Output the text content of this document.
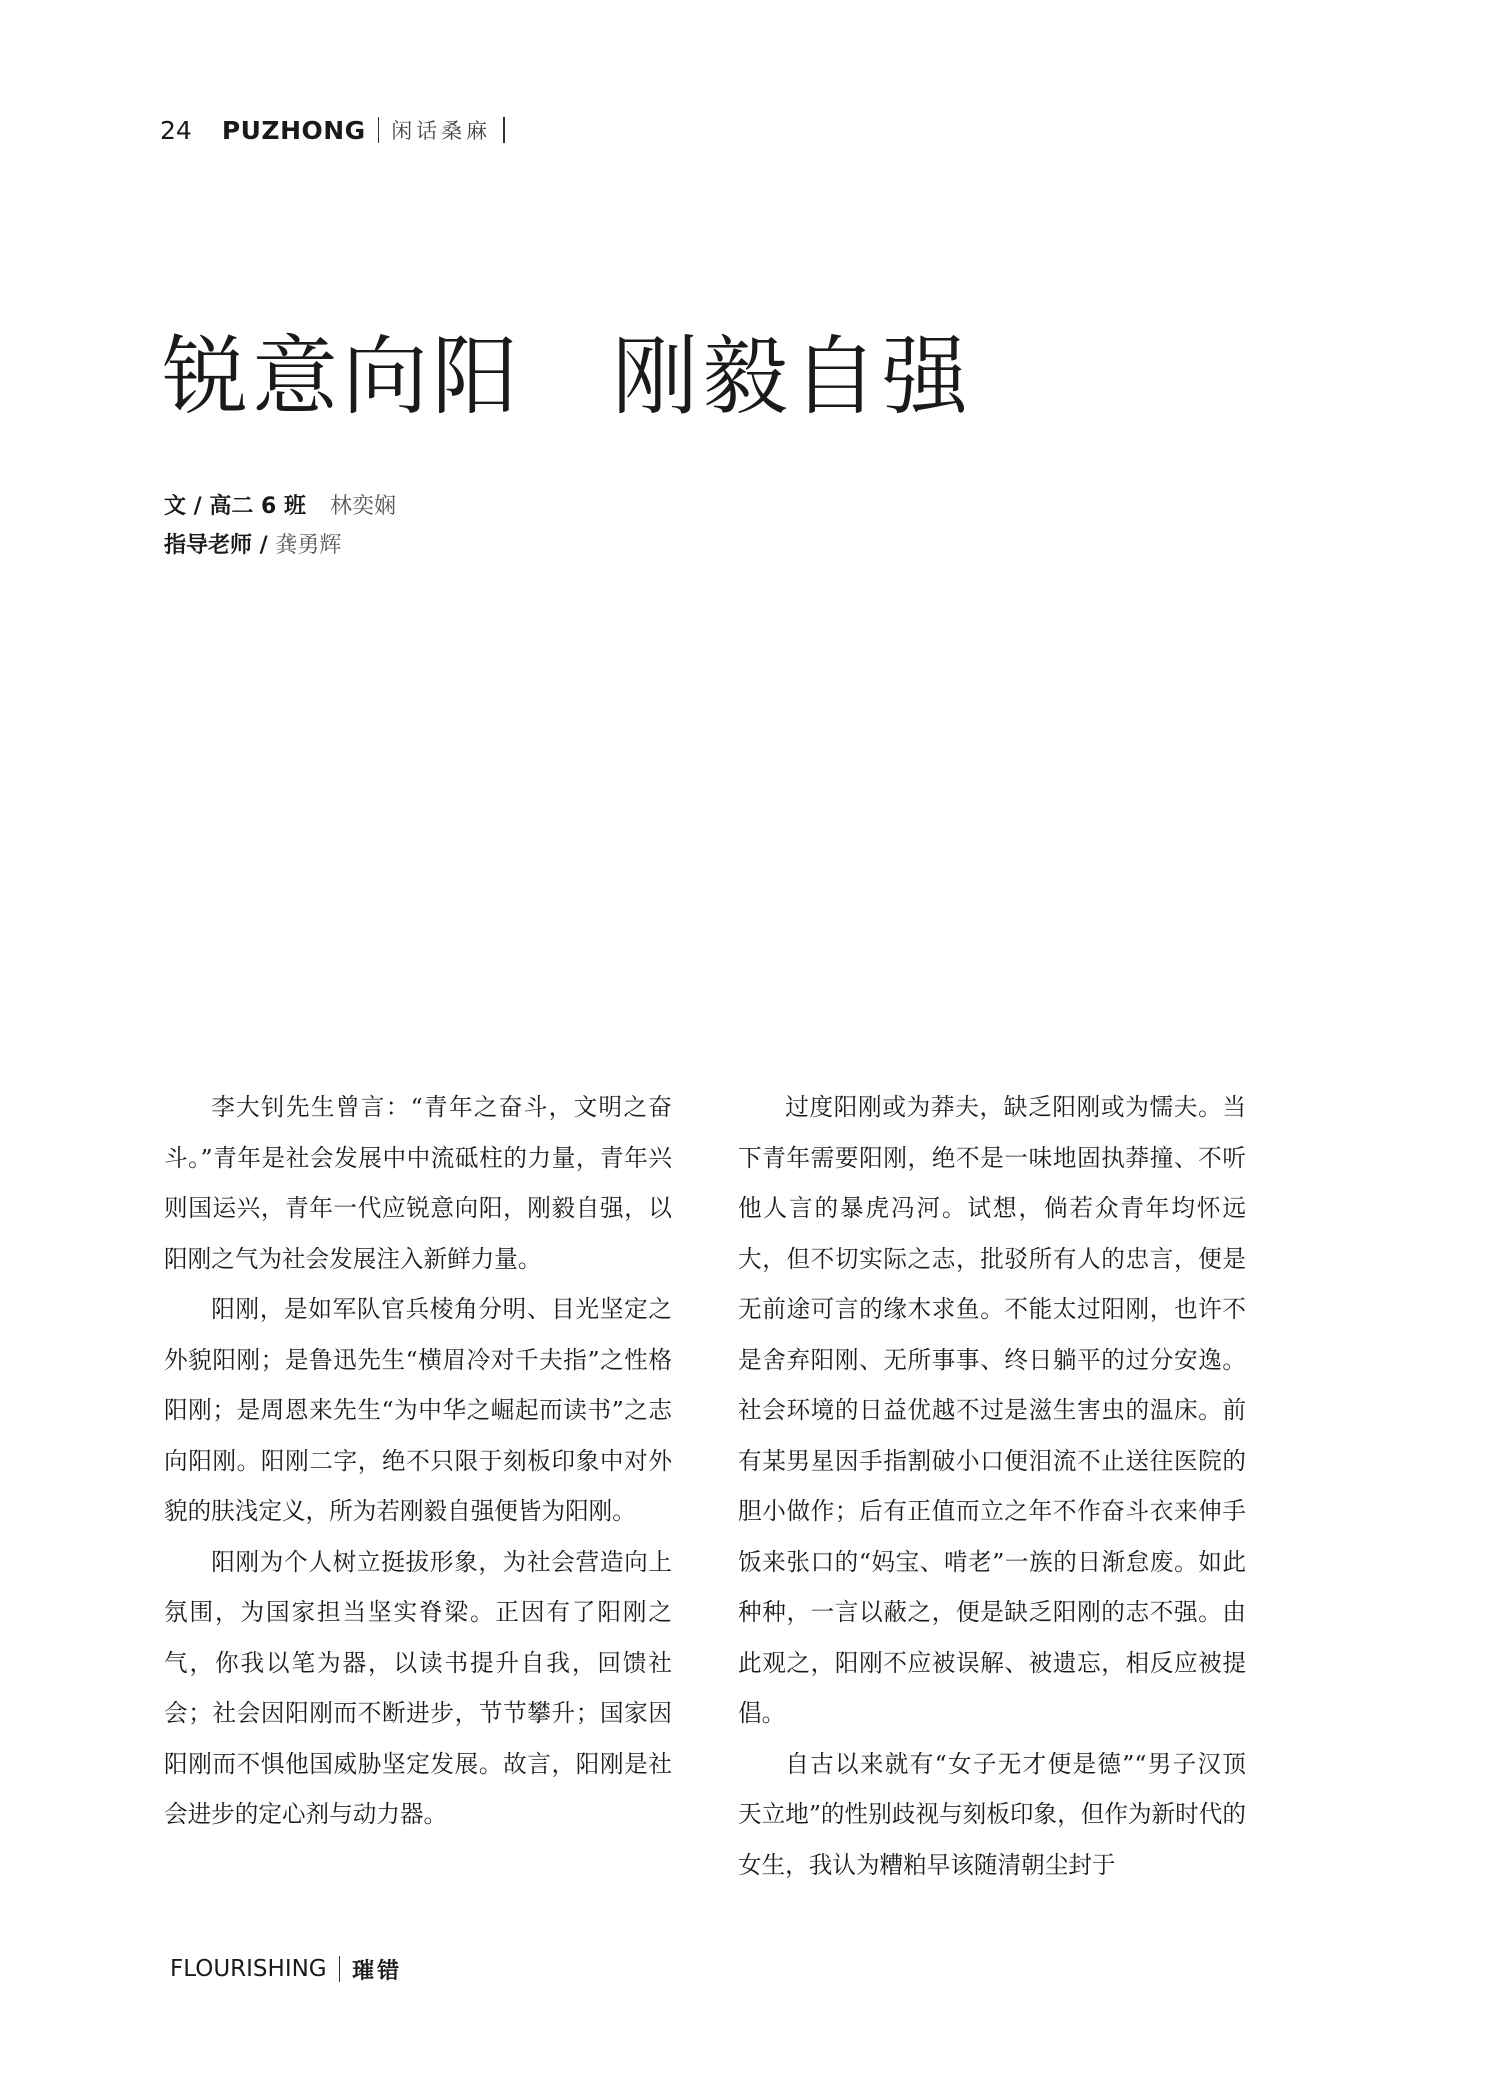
24 PUZHONG 闲话桑麻
锐意向阳　刚毅自强
文 / 高二 6 班 林奕娴
指导老师 / 龚勇辉

李大钊先生曾言：“青年之奋斗，文明之奋斗。”青年是社会发展中中流砥柱的力量，青年兴则国运兴，青年一代应锐意向阳，刚毅自强，以阳刚之气为社会发展注入新鲜力量。

阳刚，是如军队官兵棱角分明、目光坚定之外貌阳刚；是鲁迅先生“横眉冷对千夫指”之性格阳刚；是周恩来先生“为中华之崛起而读书”之志向阳刚。阳刚二字，绝不只限于刻板印象中对外貌的肤浅定义，所为若刚毅自强便皆为阳刚。

阳刚为个人树立挺拔形象，为社会营造向上氛围，为国家担当坚实脊梁。正因有了阳刚之气，你我以笔为器，以读书提升自我，回馈社会；社会因阳刚而不断进步，节节攀升；国家因阳刚而不惧他国威胁坚定发展。故言，阳刚是社会进步的定心剂与动力器。

过度阳刚或为莽夫，缺乏阳刚或为懦夫。当下青年需要阳刚，绝不是一味地固执莽撞、不听他人言的暴虎冯河。试想，倘若众青年均怀远大，但不切实际之志，批驳所有人的忠言，便是无前途可言的缘木求鱼。不能太过阳刚，也许不是舍弃阳刚、无所事事、终日躺平的过分安逸。社会环境的日益优越不过是滋生害虫的温床。前有某男星因手指割破小口便泪流不止送往医院的胆小做作；后有正值而立之年不作奋斗衣来伸手饭来张口的“妈宝、啃老”一族的日渐怠废。如此种种，一言以蔽之，便是缺乏阳刚的志不强。由此观之，阳刚不应被误解、被遗忘，相反应被提倡。

自古以来就有“女子无才便是德”“男子汉顶天立地”的性别歧视与刻板印象，但作为新时代的女生，我认为糟粕早该随清朝尘封于

FLOURISHING 璀错
